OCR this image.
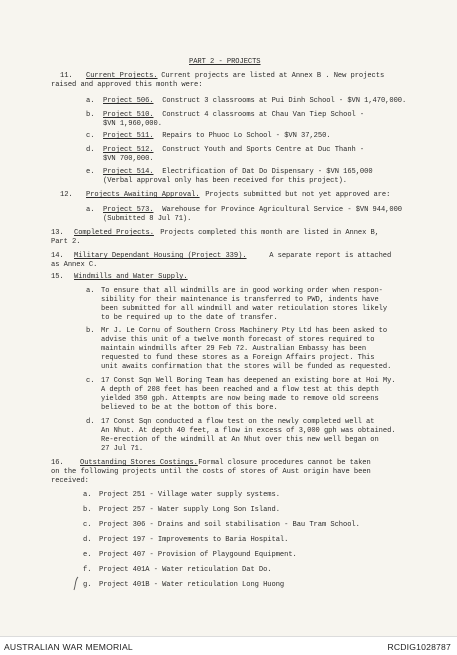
PART 2 - PROJECTS
11. Current Projects. Current projects are listed at Annex B . New projects
raised and approved this month were:
a. Project 506. Construct 3 classrooms at Pui Dinh School - $VN 1,470,000.
b. Project 510. Construct 4 classrooms at Chau Van Tiep School -
$VN 1,960,000.
c. Project 511. Repairs to Phuoc Lo School - $VN 37,250.
d. Project 512. Construct Youth and Sports Centre at Duc Thanh -
$VN 700,000.
e. Project 514. Electrification of Dat Do Dispensary - $VN 165,000
(Verbal approval only has been received for this project).
12. Projects Awaiting Approval. Projects submitted but not yet approved are:
a. Project 573. Warehouse for Province Agricultural Service - $VN 944,000
(Submitted 8 Jul 71).
13. Completed Projects. Projects completed this month are listed in Annex B,
Part 2.
14. Military Dependant Housing (Project 339).	A separate report is attached
as Annex C.
15. Windmills and Water Supply.
a. To ensure that all windmills are in good working order when respon-
sibility for their maintenance is transferred to PWD, indents have
been submitted for all windmill and water reticulation stores likely
to be required up to the date of transfer.
b. Mr J. Le Cornu of Southern Cross Machinery Pty Ltd has been asked to
advise this unit of a twelve month forecast of stores required to
maintain windmills after 29 Feb 72. Australian Embassy has been
requested to fund these stores as a Foreign Affairs project. This
unit awaits confirmation that the stores will be funded as requested.
c. 17 Const Sqn Well Boring Team has deepened an existing bore at Hoi My.
A depth of 208 feet has been reached and a flow test at this depth
yielded 350 gph. Attempts are now being made to remove old screens
believed to be at the bottom of this bore.
d. 17 Const Sqn conducted a flow test on the newly completed well at
An Nhut. At depth 40 feet, a flow in excess of 3,000 gph was obtained.
Re-erection of the windmill at An Nhut over this new well began on
27 Jul 71.
16. Outstanding Stores Costings.
Formal closure procedures cannot be taken
on the following projects until the costs of stores of Aust origin have been
received:
a. Project 251 - Village water supply systems.
b. Project 257 - Water supply Long Son Island.
c. Project 306 - Drains and soil stabilisation - Bau Tram School.
d. Project 197 - Improvements to Baria Hospital.
e. Project 407 - Provision of Playgound Equipment.
f. Project 401A - Water reticulation Dat Do.
g. Project 401B - Water reticulation Long Huong
AUSTRALIAN WAR MEMORIAL	RCDIG1028787
